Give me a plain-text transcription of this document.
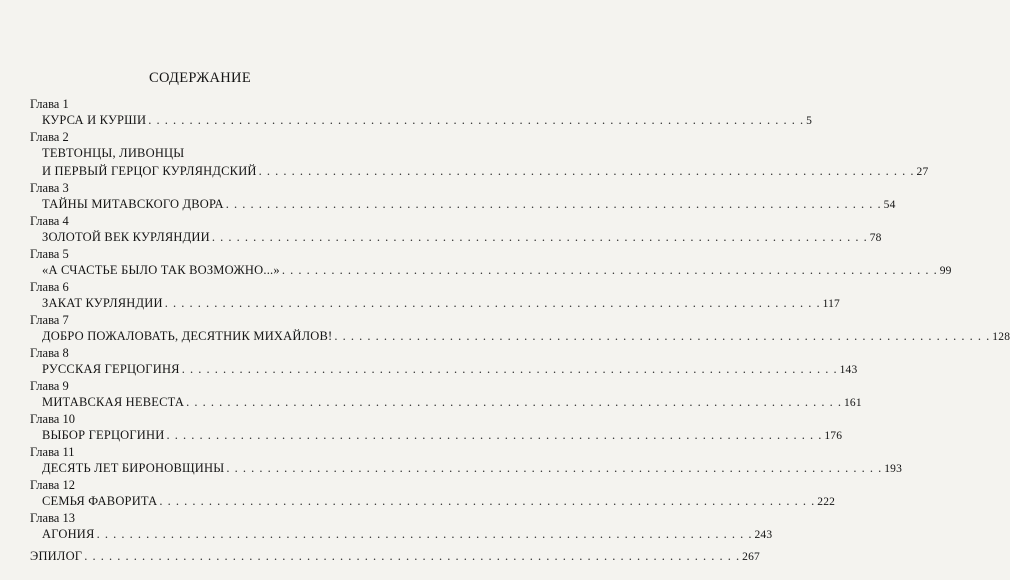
СОДЕРЖАНИЕ
Глава 1
КУРСА И КУРШИ . . . . . . . . . . . . . . . . . . . . . . . . . . . . . . . . . . . . . . . . . . . . . . . . . . . . . . . . . . . . . . . . . . . . . . . . . . . . . . . . 5
Глава 2
ТЕВТОНЦЫ, ЛИВОНЦЫ
И ПЕРВЫЙ ГЕРЦОГ КУРЛЯНДСКИЙ . . . . . . . . . . . . . . . . . . . . . . . . . . . . . . . . . . . . . . . . . . . . . . . . . . . . . . . . . . . . . . . . . . . . . . . . . . . . . . . . 27
Глава 3
ТАЙНЫ МИТАВСКОГО ДВОРА . . . . . . . . . . . . . . . . . . . . . . . . . . . . . . . . . . . . . . . . . . . . . . . . . . . . . . . . . . . . . . . . . . . . . . . . . . . . . . . . 54
Глава 4
ЗОЛОТОЙ ВЕК КУРЛЯНДИИ . . . . . . . . . . . . . . . . . . . . . . . . . . . . . . . . . . . . . . . . . . . . . . . . . . . . . . . . . . . . . . . . . . . . . . . . . . . . . . . . 78
Глава 5
«А СЧАСТЬЕ БЫЛО ТАК ВОЗМОЖНО...» . . . . . . . . . . . . . . . . . . . . . . . . . . . . . . . . . . . . . . . . . . . . . . . . . . . . . . . . . . . . . . . . . . . . . . . . . . . . . . . . 99
Глава 6
ЗАКАТ КУРЛЯНДИИ . . . . . . . . . . . . . . . . . . . . . . . . . . . . . . . . . . . . . . . . . . . . . . . . . . . . . . . . . . . . . . . . . . . . . . . . . . . . . . . . 117
Глава 7
ДОБРО ПОЖАЛОВАТЬ, ДЕСЯТНИК МИХАЙЛОВ! . . . . . . . . . . . . . . . . . . . . . . . . . . . . . . . . . . . . . . . . . . . . . . . . . . . . . . . . . . . . . . . . . . . . . . . . . . . . . . . . 128
Глава 8
РУССКАЯ ГЕРЦОГИНЯ . . . . . . . . . . . . . . . . . . . . . . . . . . . . . . . . . . . . . . . . . . . . . . . . . . . . . . . . . . . . . . . . . . . . . . . . . . . . . . . . 143
Глава 9
МИТАВСКАЯ НЕВЕСТА . . . . . . . . . . . . . . . . . . . . . . . . . . . . . . . . . . . . . . . . . . . . . . . . . . . . . . . . . . . . . . . . . . . . . . . . . . . . . . . . 161
Глава 10
ВЫБОР ГЕРЦОГИНИ . . . . . . . . . . . . . . . . . . . . . . . . . . . . . . . . . . . . . . . . . . . . . . . . . . . . . . . . . . . . . . . . . . . . . . . . . . . . . . . . 176
Глава 11
ДЕСЯТЬ ЛЕТ БИРОНОВЩИНЫ . . . . . . . . . . . . . . . . . . . . . . . . . . . . . . . . . . . . . . . . . . . . . . . . . . . . . . . . . . . . . . . . . . . . . . . . . . . . . . . . 193
Глава 12
СЕМЬЯ ФАВОРИТА . . . . . . . . . . . . . . . . . . . . . . . . . . . . . . . . . . . . . . . . . . . . . . . . . . . . . . . . . . . . . . . . . . . . . . . . . . . . . . . . 222
Глава 13
АГОНИЯ . . . . . . . . . . . . . . . . . . . . . . . . . . . . . . . . . . . . . . . . . . . . . . . . . . . . . . . . . . . . . . . . . . . . . . . . . . . . . . . . 243
ЭПИЛОГ . . . . . . . . . . . . . . . . . . . . . . . . . . . . . . . . . . . . . . . . . . . . . . . . . . . . . . . . . . . . . . . . . . . . . . . . . . . . . . . . 267
